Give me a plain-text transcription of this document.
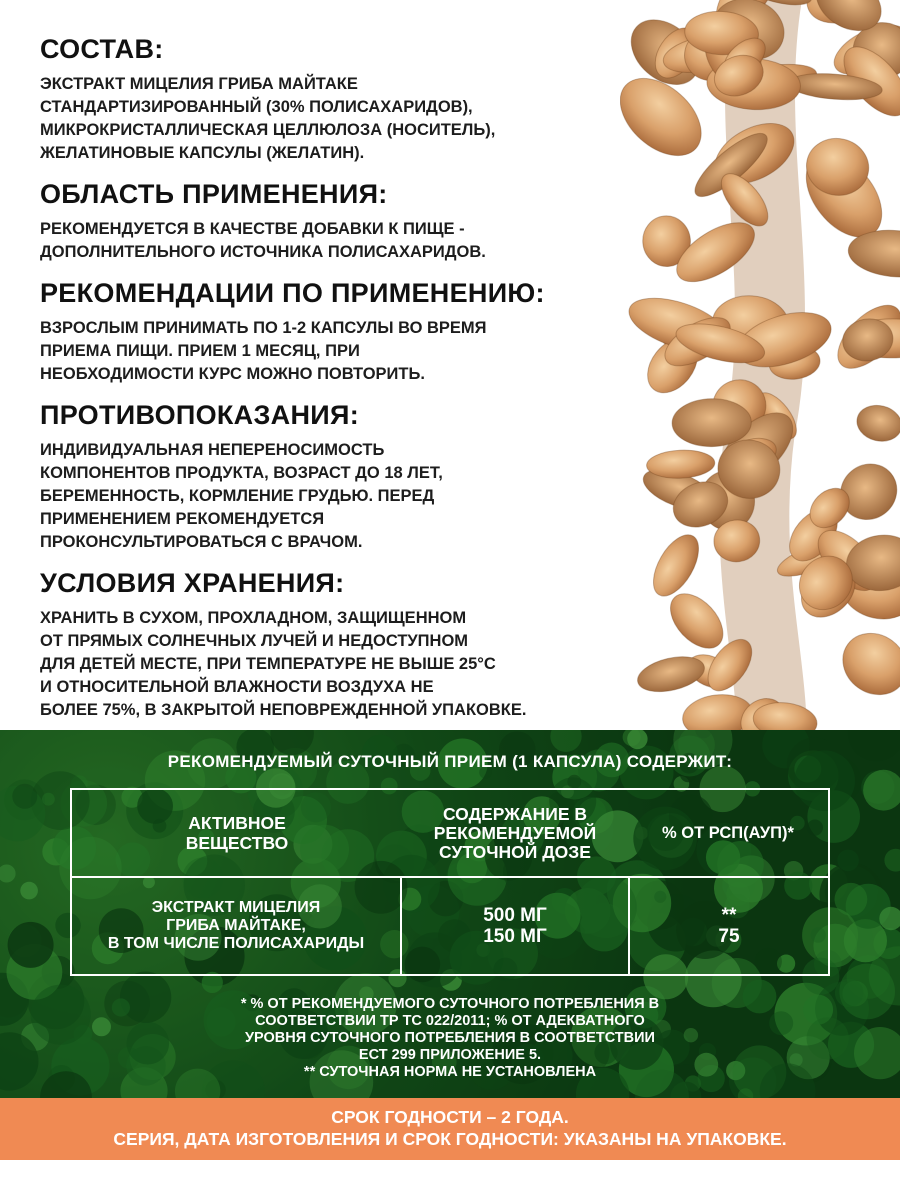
СОСТАВ:
ЭКСТРАКТ МИЦЕЛИЯ ГРИБА МАЙТАКЕ
СТАНДАРТИЗИРОВАННЫЙ (30% ПОЛИСАХАРИДОВ),
МИКРОКРИСТАЛЛИЧЕСКАЯ ЦЕЛЛЮЛОЗА (НОСИТЕЛЬ),
ЖЕЛАТИНОВЫЕ КАПСУЛЫ (ЖЕЛАТИН).
ОБЛАСТЬ ПРИМЕНЕНИЯ:
РЕКОМЕНДУЕТСЯ В КАЧЕСТВЕ ДОБАВКИ К ПИЩЕ -
ДОПОЛНИТЕЛЬНОГО ИСТОЧНИКА ПОЛИСАХАРИДОВ.
РЕКОМЕНДАЦИИ ПО ПРИМЕНЕНИЮ:
ВЗРОСЛЫМ ПРИНИМАТЬ ПО 1-2 КАПСУЛЫ ВО ВРЕМЯ
ПРИЕМА ПИЩИ. ПРИЕМ 1 МЕСЯЦ, ПРИ
НЕОБХОДИМОСТИ КУРС МОЖНО ПОВТОРИТЬ.
ПРОТИВОПОКАЗАНИЯ:
ИНДИВИДУАЛЬНАЯ НЕПЕРЕНОСИМОСТЬ
КОМПОНЕНТОВ ПРОДУКТА, ВОЗРАСТ ДО 18 ЛЕТ,
БЕРЕМЕННОСТЬ, КОРМЛЕНИЕ ГРУДЬЮ. ПЕРЕД
ПРИМЕНЕНИЕМ РЕКОМЕНДУЕТСЯ
ПРОКОНСУЛЬТИРОВАТЬСЯ С ВРАЧОМ.
УСЛОВИЯ ХРАНЕНИЯ:
ХРАНИТЬ В СУХОМ, ПРОХЛАДНОМ, ЗАЩИЩЕННОМ
ОТ ПРЯМЫХ СОЛНЕЧНЫХ ЛУЧЕЙ И НЕДОСТУПНОМ
ДЛЯ ДЕТЕЙ МЕСТЕ, ПРИ ТЕМПЕРАТУРЕ НЕ ВЫШЕ 25°С
И ОТНОСИТЕЛЬНОЙ ВЛАЖНОСТИ ВОЗДУХА НЕ
БОЛЕЕ 75%, В ЗАКРЫТОЙ НЕПОВРЕЖДЕННОЙ УПАКОВКЕ.
РЕКОМЕНДУЕМЫЙ СУТОЧНЫЙ ПРИЕМ (1 КАПСУЛА) СОДЕРЖИТ:
АКТИВНОЕ
ВЕЩЕСТВО
СОДЕРЖАНИЕ В
РЕКОМЕНДУЕМОЙ
СУТОЧНОЙ ДОЗЕ
% ОТ РСП(АУП)*
ЭКСТРАКТ МИЦЕЛИЯ
ГРИБА МАЙТАКЕ,
В ТОМ ЧИСЛЕ ПОЛИСАХАРИДЫ
500 МГ
150 МГ
**
75
* % ОТ РЕКОМЕНДУЕМОГО СУТОЧНОГО ПОТРЕБЛЕНИЯ В
СООТВЕТСТВИИ ТР ТС 022/2011; % ОТ АДЕКВАТНОГО
УРОВНЯ СУТОЧНОГО ПОТРЕБЛЕНИЯ В СООТВЕТСТВИИ
ЕСТ 299 ПРИЛОЖЕНИЕ 5.
** СУТОЧНАЯ НОРМА НЕ УСТАНОВЛЕНА
СРОК ГОДНОСТИ – 2 ГОДА.
СЕРИЯ, ДАТА ИЗГОТОВЛЕНИЯ И СРОК ГОДНОСТИ: УКАЗАНЫ НА УПАКОВКЕ.
